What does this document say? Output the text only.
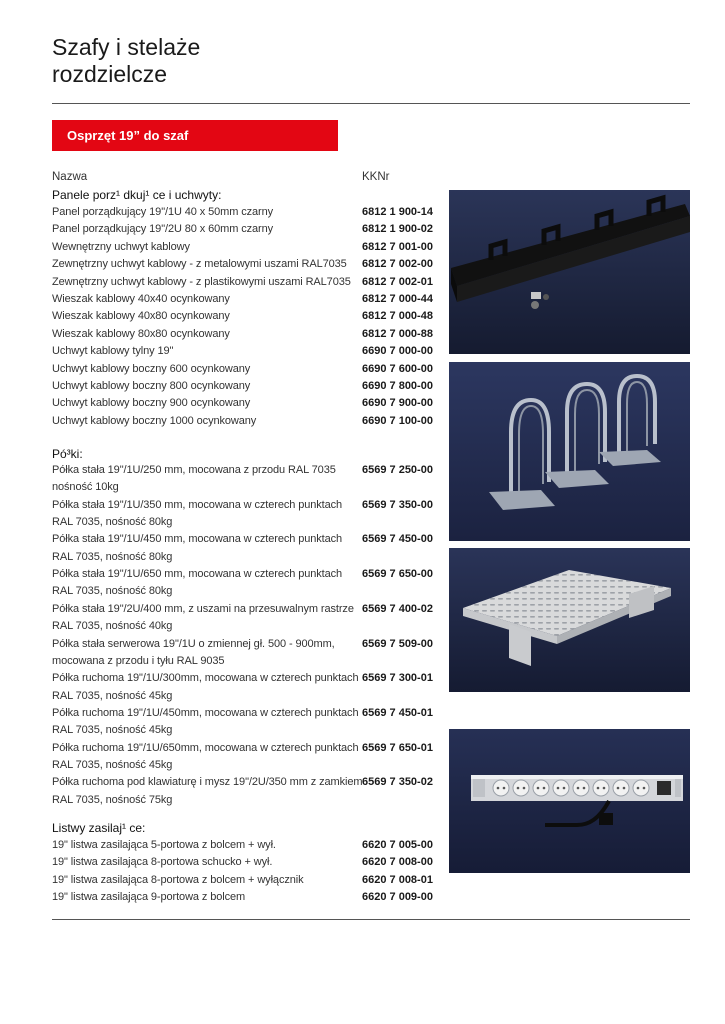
Szafy i stelaże
rozdzielcze
Osprzęt 19” do szaf
Nazwa	KKNr
Panele porz¹ dkuj¹ ce i uchwyty:
Panel porządkujący 19"/1U 40 x 50mm czarny	6812 1 900-14
Panel porządkujący 19"/2U 80 x 60mm czarny	6812 1 900-02
Wewnętrzny uchwyt kablowy	6812 7 001-00
Zewnętrzny uchwyt kablowy - z metalowymi uszami RAL7035 6812 7 002-00
Zewnętrzny uchwyt kablowy - z plastikowymi uszami RAL7035 6812 7 002-01
Wieszak kablowy 40x40 ocynkowany	6812 7 000-44
Wieszak kablowy 40x80 ocynkowany	6812 7 000-48
Wieszak kablowy 80x80 ocynkowany	6812 7 000-88
Uchwyt kablowy tylny 19"	6690 7 000-00
Uchwyt kablowy boczny 600 ocynkowany	6690 7 600-00
Uchwyt kablowy boczny 800 ocynkowany	6690 7 800-00
Uchwyt kablowy boczny 900 ocynkowany	6690 7 900-00
Uchwyt kablowy boczny 1000 ocynkowany	6690 7 100-00
Pó³ki:
Półka stała 19"/1U/250 mm, mocowana z przodu RAL 7035 6569 7 250-00
nośność 10kg
Półka stała 19"/1U/350 mm, mocowana w czterech punktach 6569 7 350-00
RAL 7035, nośność 80kg
Półka stała 19"/1U/450 mm, mocowana w czterech punktach 6569 7 450-00
RAL 7035, nośność 80kg
Półka stała 19"/1U/650 mm, mocowana w czterech punktach 6569 7 650-00
RAL 7035, nośność 80kg
Półka stała 19"/2U/400 mm, z uszami na przesuwalnym rastrze 6569 7 400-02
RAL 7035, nośność 40kg
Półka stała serwerowa 19"/1U o zmiennej gł. 500 - 900mm, 6569 7 509-00
mocowana z przodu i tyłu RAL 9035
Półka ruchoma 19"/1U/300mm, mocowana w czterech punktach 6569 7 300-01
RAL 7035, nośność 45kg
Półka ruchoma 19"/1U/450mm, mocowana w czterech punktach 6569 7 450-01
RAL 7035, nośność 45kg
Półka ruchoma 19"/1U/650mm, mocowana w czterech punktach 6569 7 650-01
RAL 7035, nośność 45kg
Półka ruchoma pod klawiaturę i mysz 19"/2U/350 mm z zamkiem 6569 7 350-02
RAL 7035, nośność 75kg
Listwy zasilaj¹ ce:
19" listwa zasilająca 5-portowa z bolcem + wył.	6620 7 005-00
19" listwa zasilająca 8-portowa schucko + wył.	6620 7 008-00
19" listwa zasilająca 8-portowa z bolcem + wyłącznik	6620 7 008-01
19" listwa zasilająca 9-portowa z bolcem	6620 7 009-00
